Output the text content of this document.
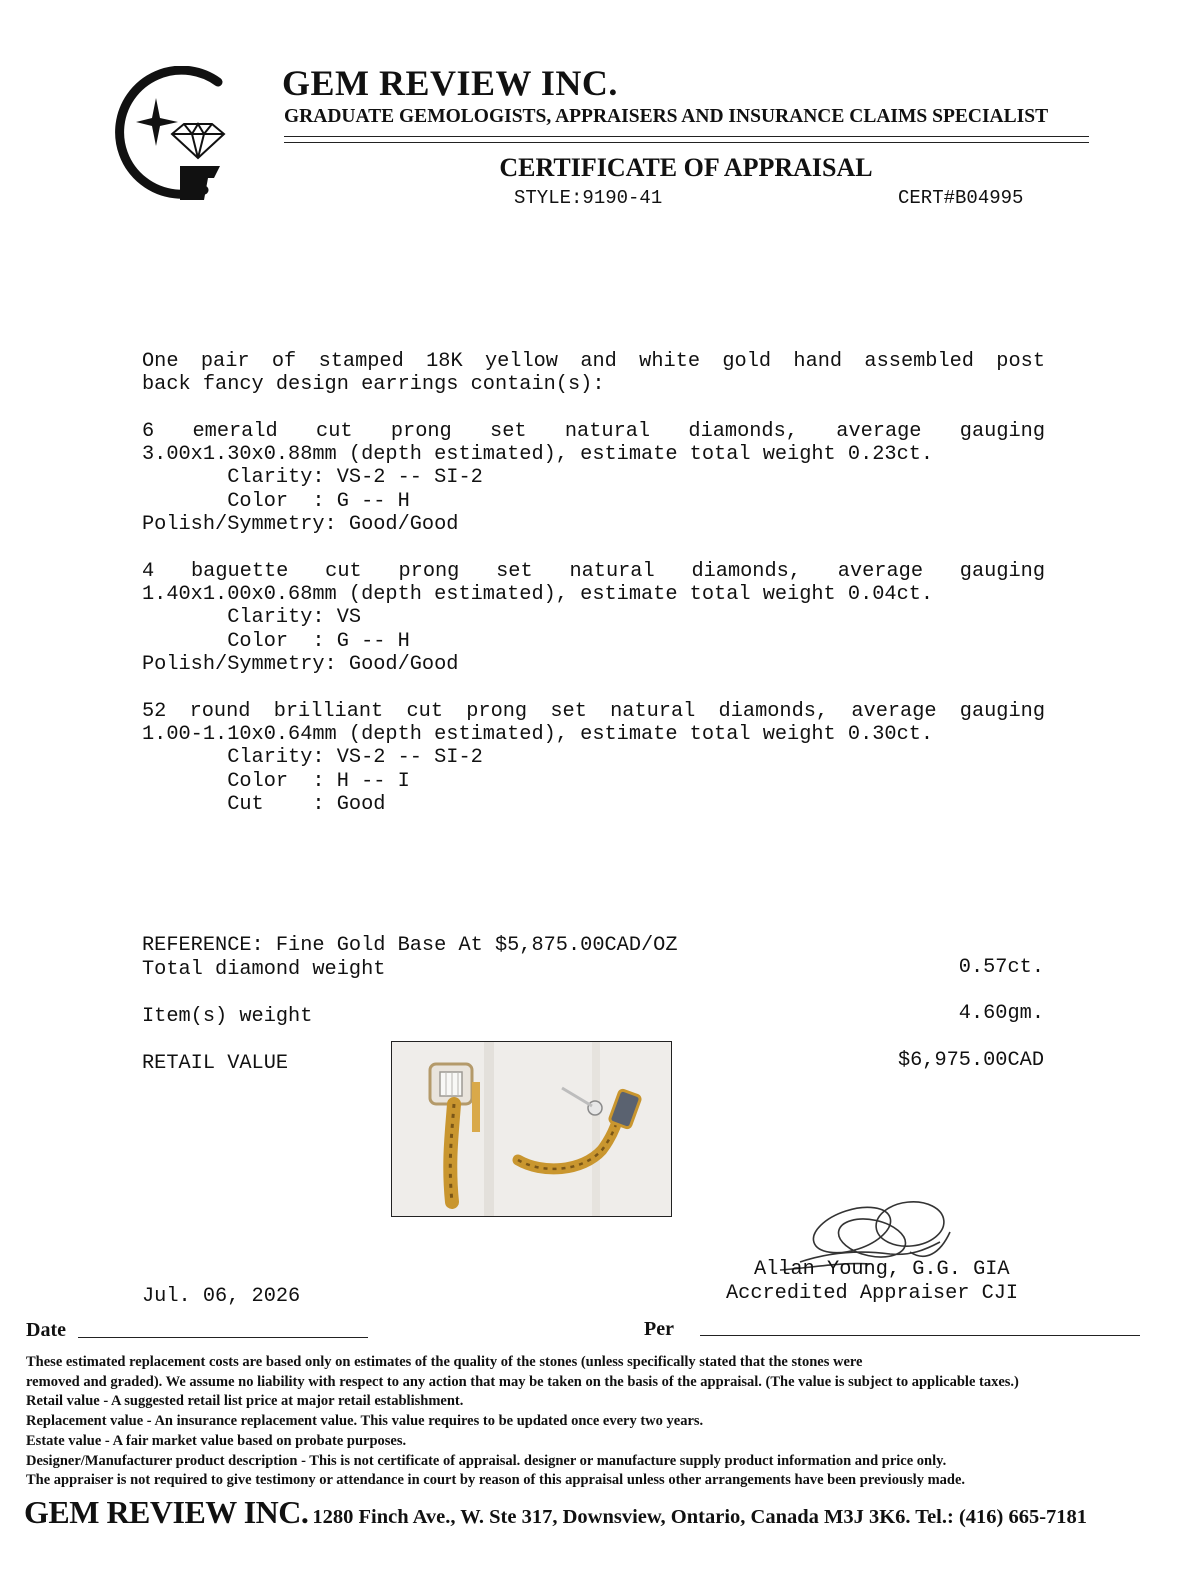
GEM REVIEW INC.
GRADUATE GEMOLOGISTS, APPRAISERS AND INSURANCE CLAIMS SPECIALIST
CERTIFICATE OF APPRAISAL
STYLE:9190-41	CERT#B04995
One pair of stamped 18K yellow and white gold hand assembled post
back fancy design earrings contain(s):
6 emerald cut prong set natural diamonds, average gauging
3.00x1.30x0.88mm (depth estimated), estimate total weight 0.23ct.
Clarity: VS-2 -- SI-2
Color  : G -- H
Polish/Symmetry: Good/Good
4 baguette cut prong set natural diamonds, average gauging
1.40x1.00x0.68mm (depth estimated), estimate total weight 0.04ct.
Clarity: VS
Color  : G -- H
Polish/Symmetry: Good/Good
52 round brilliant cut prong set natural diamonds, average gauging
1.00-1.10x0.64mm (depth estimated), estimate total weight 0.30ct.
Clarity: VS-2 -- SI-2
Color  : H -- I
Cut    : Good
REFERENCE: Fine Gold Base At $5,875.00CAD/OZ
Total diamond weight	0.57ct.
Item(s) weight	4.60gm.
RETAIL VALUE	$6,975.00CAD
Allan Young, G.G. GIA
Accredited Appraiser CJI
Jul. 06, 2026
Date	Per
These estimated replacement costs are based only on estimates of the quality of the stones (unless specifically stated that the stones were
removed and graded). We assume no liability with respect to any action that may be taken on the basis of the appraisal. (The value is subject to applicable taxes.)
Retail value - A suggested retail list price at major retail establishment.
Replacement value - An insurance replacement value. This value requires to be updated once every two years.
Estate value - A fair market value based on probate purposes.
Designer/Manufacturer product description - This is not certificate of appraisal. designer or manufacture supply product information and price only.
The appraiser is not required to give testimony or attendance in court by reason of this appraisal unless other arrangements have been previously made.
GEM REVIEW INC. 1280 Finch Ave., W. Ste 317, Downsview, Ontario, Canada M3J 3K6. Tel.: (416) 665-7181
